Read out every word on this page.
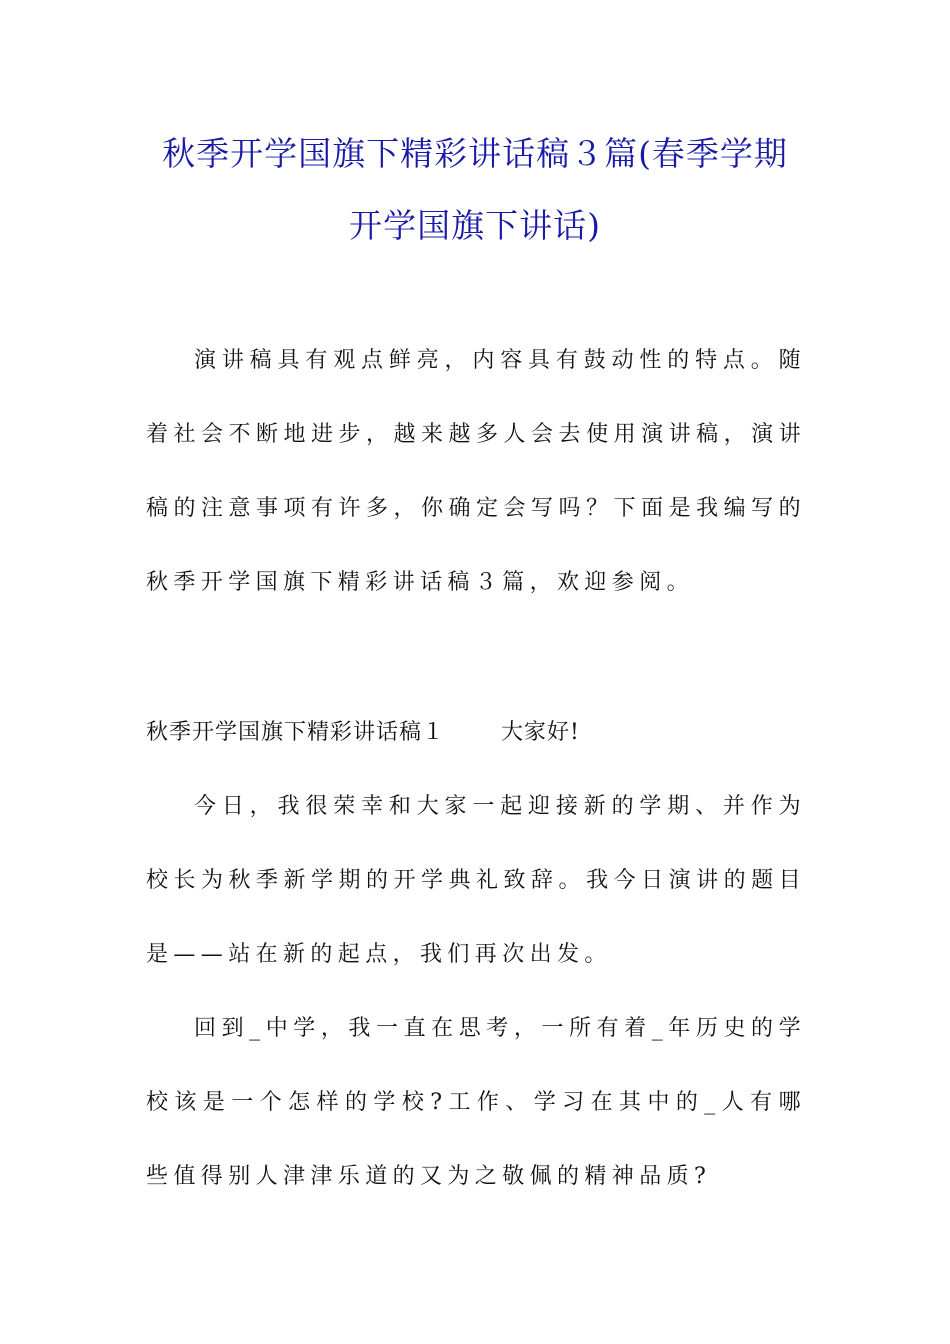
秋季开学国旗下精彩讲话稿３篇(春季学期
开学国旗下讲话)

演讲稿具有观点鲜亮，内容具有鼓动性的特点。随着社会不断地进步，越来越多人会去使用演讲稿，演讲稿的注意事项有许多，你确定会写吗？下面是我编写的秋季开学国旗下精彩讲话稿３篇，欢迎参阅。

秋季开学国旗下精彩讲话稿１	大家好!

今日，我很荣幸和大家一起迎接新的学期、并作为校长为秋季新学期的开学典礼致辞。我今日演讲的题目是——站在新的起点，我们再次出发。

回到_中学，我一直在思考，一所有着_年历史的学校该是一个怎样的学校?工作、学习在其中的_人有哪些值得别人津津乐道的又为之敬佩的精神品质?
